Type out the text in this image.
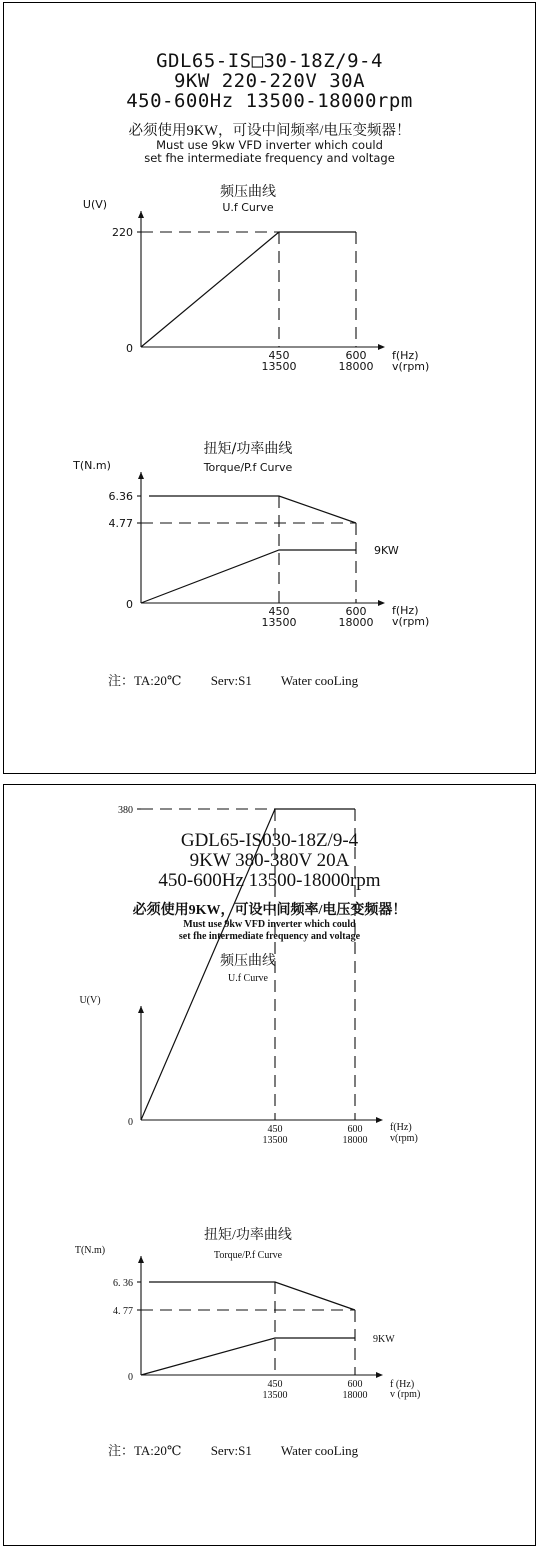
GDL65-IS□30-18Z/9-4
9KW 220-220V 30A
450-600Hz 13500-18000rpm
必须使用9KW，可设中间频率/电压变频器！
Must use 9kw VFD inverter which could
set fhe intermediate frequency and voltage
频压曲线
U.f Curve
U(V)
f(Hz)
v(rpm)
0
450
13500
600
18000
220
扭矩/功率曲线
Torque/P.f Curve
T(N.m)
f(Hz)
v(rpm)
0
450
13500
600
18000
6.36
4.77
9KW
注：TA:20℃ Serv:S1 Water cooLing
GDL65-IS030-18Z/9-4
9KW 380-380V 20A
450-600Hz 13500-18000rpm
必须使用9KW，可设中间频率/电压变频器！
Must use 9kw VFD inverter which could
set fhe intermediate frequency and voltage
频压曲线
U.f Curve
U(V)
f(Hz)
v(rpm)
0
450
13500
600
18000
380
扭矩/功率曲线
Torque/P.f Curve
T(N.m)
f (Hz)
v (rpm)
0
450
13500
600
18000
6. 36
4. 77
9KW
注：TA:20℃ Serv:S1 Water cooLing
